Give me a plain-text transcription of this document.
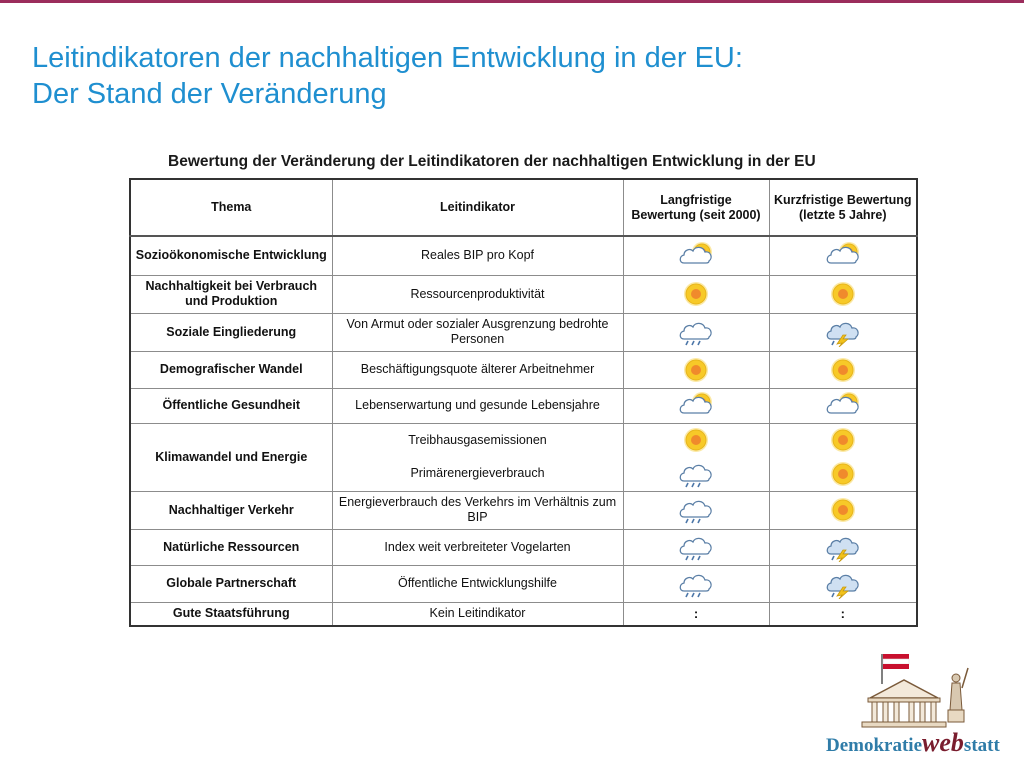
Leitindikatoren der nachhaltigen Entwicklung in der EU:
Der Stand der Veränderung
Bewertung der Veränderung der Leitindikatoren der nachhaltigen Entwicklung in der EU
Thema	Leitindikator	Langfristige Bewertung (seit 2000)	Kurzfristige Bewertung (letzte 5 Jahre)
Sozioökonomische Entwicklung	Reales BIP pro Kopf	

Nachhaltigkeit bei Verbrauch und Produktion	Ressourcenproduktivität	

Soziale Eingliederung	Von Armut oder sozialer Ausgrenzung bedrohte Personen	

Demografischer Wandel	Beschäftigungsquote älterer Arbeitnehmer	

Öffentliche Gesundheit	Lebenserwartung und gesunde Lebensjahre	

Klimawandel und Energie	Treibhausgasemissionen	

	Primärenergieverbrauch	

Nachhaltiger Verkehr	Energieverbrauch des Verkehrs im Verhältnis zum BIP	

Natürliche Ressourcen	Index weit verbreiteter Vogelarten	

Globale Partnerschaft	Öffentliche Entwicklungshilfe	

Gute Staatsführung	Kein Leitindikator	:	:
Demokratiewebstatt
